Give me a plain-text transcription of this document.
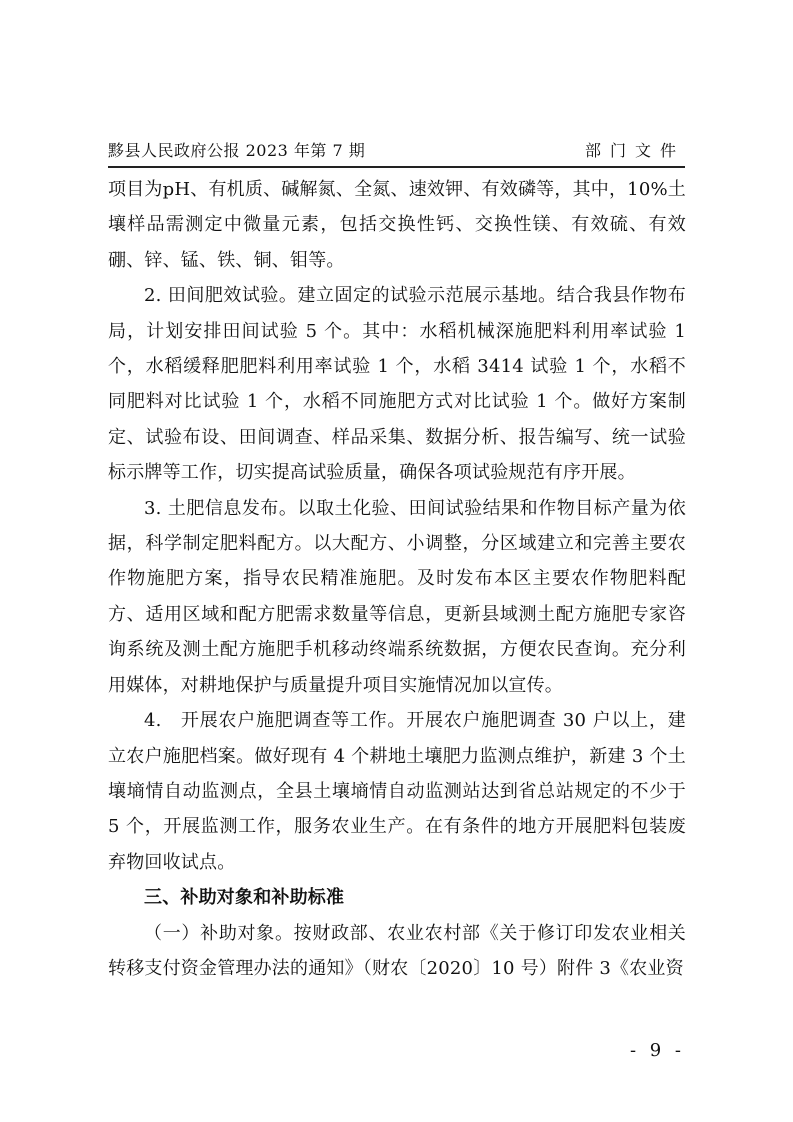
黟县人民政府公报 2023 年第 7 期	部门文件

项目为pH、有机质、碱解氮、全氮、速效钾、有效磷等，其中，10%土壤样品需测定中微量元素，包括交换性钙、交换性镁、有效硫、有效硼、锌、锰、铁、铜、钼等。

2. 田间肥效试验。建立固定的试验示范展示基地。结合我县作物布局，计划安排田间试验 5 个。其中：水稻机械深施肥料利用率试验 1 个，水稻缓释肥肥料利用率试验 1 个，水稻 3414 试验 1 个，水稻不同肥料对比试验 1 个，水稻不同施肥方式对比试验 1 个。做好方案制定、试验布设、田间调查、样品采集、数据分析、报告编写、统一试验标示牌等工作，切实提高试验质量，确保各项试验规范有序开展。

3. 土肥信息发布。以取土化验、田间试验结果和作物目标产量为依据，科学制定肥料配方。以大配方、小调整，分区域建立和完善主要农作物施肥方案，指导农民精准施肥。及时发布本区主要农作物肥料配方、适用区域和配方肥需求数量等信息，更新县域测土配方施肥专家咨询系统及测土配方施肥手机移动终端系统数据，方便农民查询。充分利用媒体，对耕地保护与质量提升项目实施情况加以宣传。

4.　开展农户施肥调查等工作。开展农户施肥调查 30 户以上，建立农户施肥档案。做好现有 4 个耕地土壤肥力监测点维护，新建 3 个土壤墒情自动监测点，全县土壤墒情自动监测站达到省总站规定的不少于 5 个，开展监测工作，服务农业生产。在有条件的地方开展肥料包装废弃物回收试点。

三、补助对象和补助标准

（一）补助对象。按财政部、农业农村部《关于修订印发农业相关转移支付资金管理办法的通知》（财农〔2020〕10 号）附件 3《农业资

- 9 -
